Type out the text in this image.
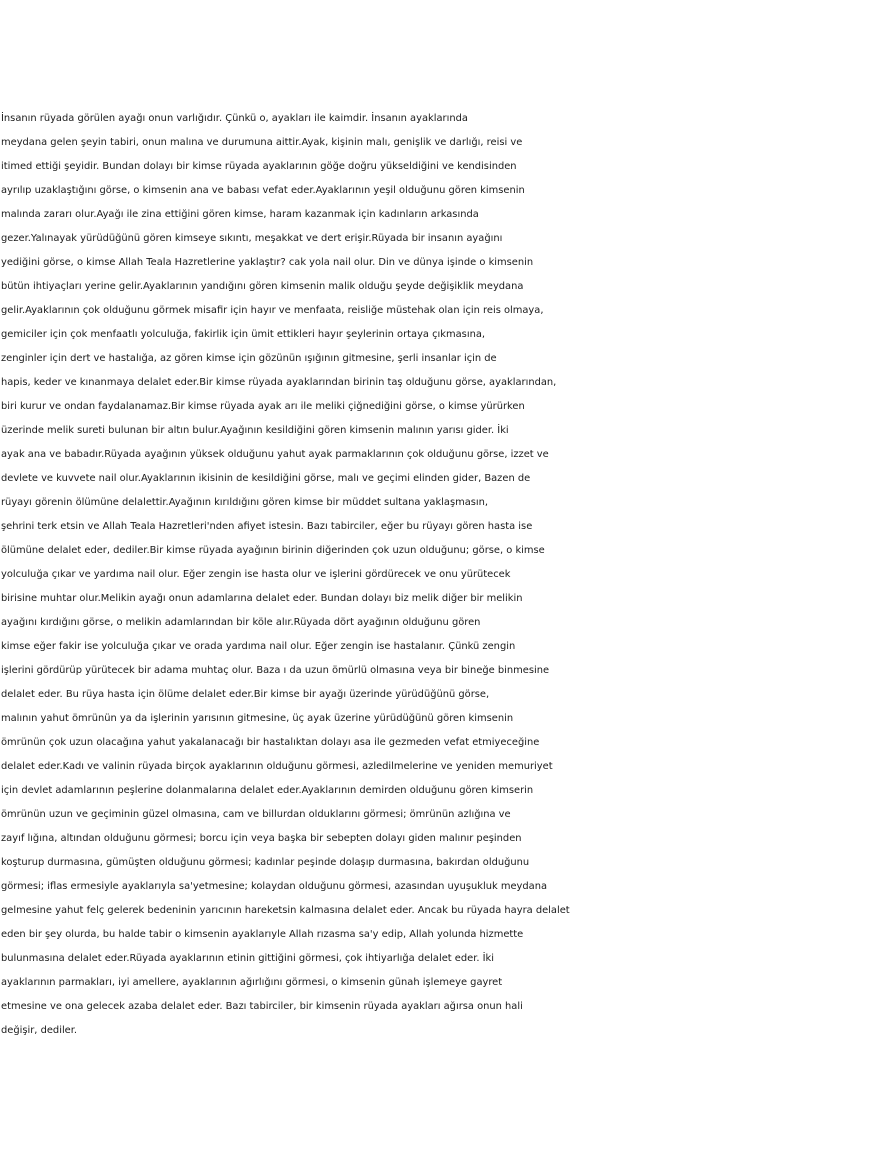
İnsanın rüyada görülen ayağı onun varlığıdır. Çünkü o, ayakları ile kaimdir. İnsanın ayaklarında
meydana gelen şeyin tabiri, onun malına ve durumuna aittir.Ayak, kişinin malı, genişlik ve darlığı, reisi ve
itimed ettiği şeyidir. Bundan dolayı bir kimse rüyada ayaklarının göğe doğru yükseldiğini ve kendisinden
ayrılıp uzaklaştığını görse, o kimsenin ana ve babası vefat eder.Ayaklarının yeşil olduğunu gören kimsenin
malında zararı olur.Ayağı ile zina ettiğini gören kimse, haram kazanmak için kadınların arkasında
gezer.Yalınayak yürüdüğünü gören kimseye sıkıntı, meşakkat ve dert erişir.Rüyada bir insanın ayağını
yediğini görse, o kimse Allah Teala Hazretlerine yaklaştır? cak yola nail olur. Din ve dünya işinde o kimsenin
bütün ihtiyaçları yerine gelir.Ayaklarının yandığını gören kimsenin malik olduğu şeyde değişiklik meydana
gelir.Ayaklarının çok olduğunu görmek misafir için hayır ve menfaata, reisliğe müstehak olan için reis olmaya,
gemiciler için çok menfaatlı yolculuğa, fakirlik için ümit ettikleri hayır şeylerinin ortaya çıkmasına,
zenginler için dert ve hastalığa, az gören kimse için gözünün ışığının gitmesine, şerli insanlar için de
hapis, keder ve kınanmaya delalet eder.Bir kimse rüyada ayaklarından birinin taş olduğunu görse, ayaklarından,
biri kurur ve ondan faydalanamaz.Bir kimse rüyada ayak arı ile meliki çiğnediğini görse, o kimse yürürken
üzerinde melik sureti bulunan bir altın bulur.Ayağının kesildiğini gören kimsenin malının yarısı gider. İki
ayak ana ve babadır.Rüyada ayağının yüksek olduğunu yahut ayak parmaklarının çok olduğunu görse, izzet ve
devlete ve kuvvete nail olur.Ayaklarının ikisinin de kesildiğini görse, malı ve geçimi elinden gider, Bazen de
rüyayı görenin ölümüne delalettir.Ayağının kırıldığını gören kimse bir müddet sultana yaklaşmasın,
şehrini terk etsin ve Allah Teala Hazretleri'nden afiyet istesin. Bazı tabirciler, eğer bu rüyayı gören hasta ise
ölümüne delalet eder, dediler.Bir kimse rüyada ayağının birinin diğerinden çok uzun olduğunu; görse, o kimse
yolculuğa çıkar ve yardıma nail olur. Eğer zengin ise hasta olur ve işlerini gördürecek ve onu yürütecek
birisine muhtar olur.Melikin ayağı onun adamlarına delalet eder. Bundan dolayı biz melik diğer bir melikin
ayağını kırdığını görse, o melikin adamlarından bir köle alır.Rüyada dört ayağının olduğunu gören
kimse eğer fakir ise yolculuğa çıkar ve orada yardıma nail olur. Eğer zengin ise hastalanır. Çünkü zengin
işlerini gördürüp yürütecek bir adama muhtaç olur. Baza ı da uzun ömürlü olmasına veya bir bineğe binmesine
delalet eder. Bu rüya hasta için ölüme delalet eder.Bir kimse bir ayağı üzerinde yürüdüğünü görse,
malının yahut ömrünün ya da işlerinin yarısının gitmesine, üç ayak üzerine yürüdüğünü gören kimsenin
ömrünün çok uzun olacağına yahut yakalanacağı bir hastalıktan dolayı asa ile gezmeden vefat etmiyeceğine
delalet eder.Kadı ve valinin rüyada birçok ayaklarının olduğunu görmesi, azledilmelerine ve yeniden memuriyet
için devlet adamlarının peşlerine dolanmalarına delalet eder.Ayaklarının demirden olduğunu gören kimserin
ömrünün uzun ve geçiminin güzel olmasına, cam ve billurdan olduklarını görmesi; ömrünün azlığına ve
zayıf lığına, altından olduğunu görmesi; borcu için veya başka bir sebepten dolayı giden malınır peşinden
koşturup durmasına, gümüşten olduğunu görmesi; kadınlar peşinde dolaşıp durmasına, bakırdan olduğunu
görmesi; iflas ermesiyle ayaklarıyla sa'yetmesine; kolaydan olduğunu görmesi, azasından uyuşukluk meydana
gelmesine yahut felç gelerek bedeninin yarıcının hareketsin kalmasına delalet eder. Ancak bu rüyada hayra delalet
eden bir şey olurda, bu halde tabir o kimsenin ayaklarıyle Allah rızasma sa'y edip, Allah yolunda hizmette
bulunmasına delalet eder.Rüyada ayaklarının etinin gittiğini görmesi, çok ihtiyarlığa delalet eder. İki
ayaklarının parmakları, iyi amellere, ayaklarının ağırlığını görmesi, o kimsenin günah işlemeye gayret
etmesine ve ona gelecek azaba delalet eder. Bazı tabirciler, bir kimsenin rüyada ayakları ağırsa onun hali
değişir, dediler.
